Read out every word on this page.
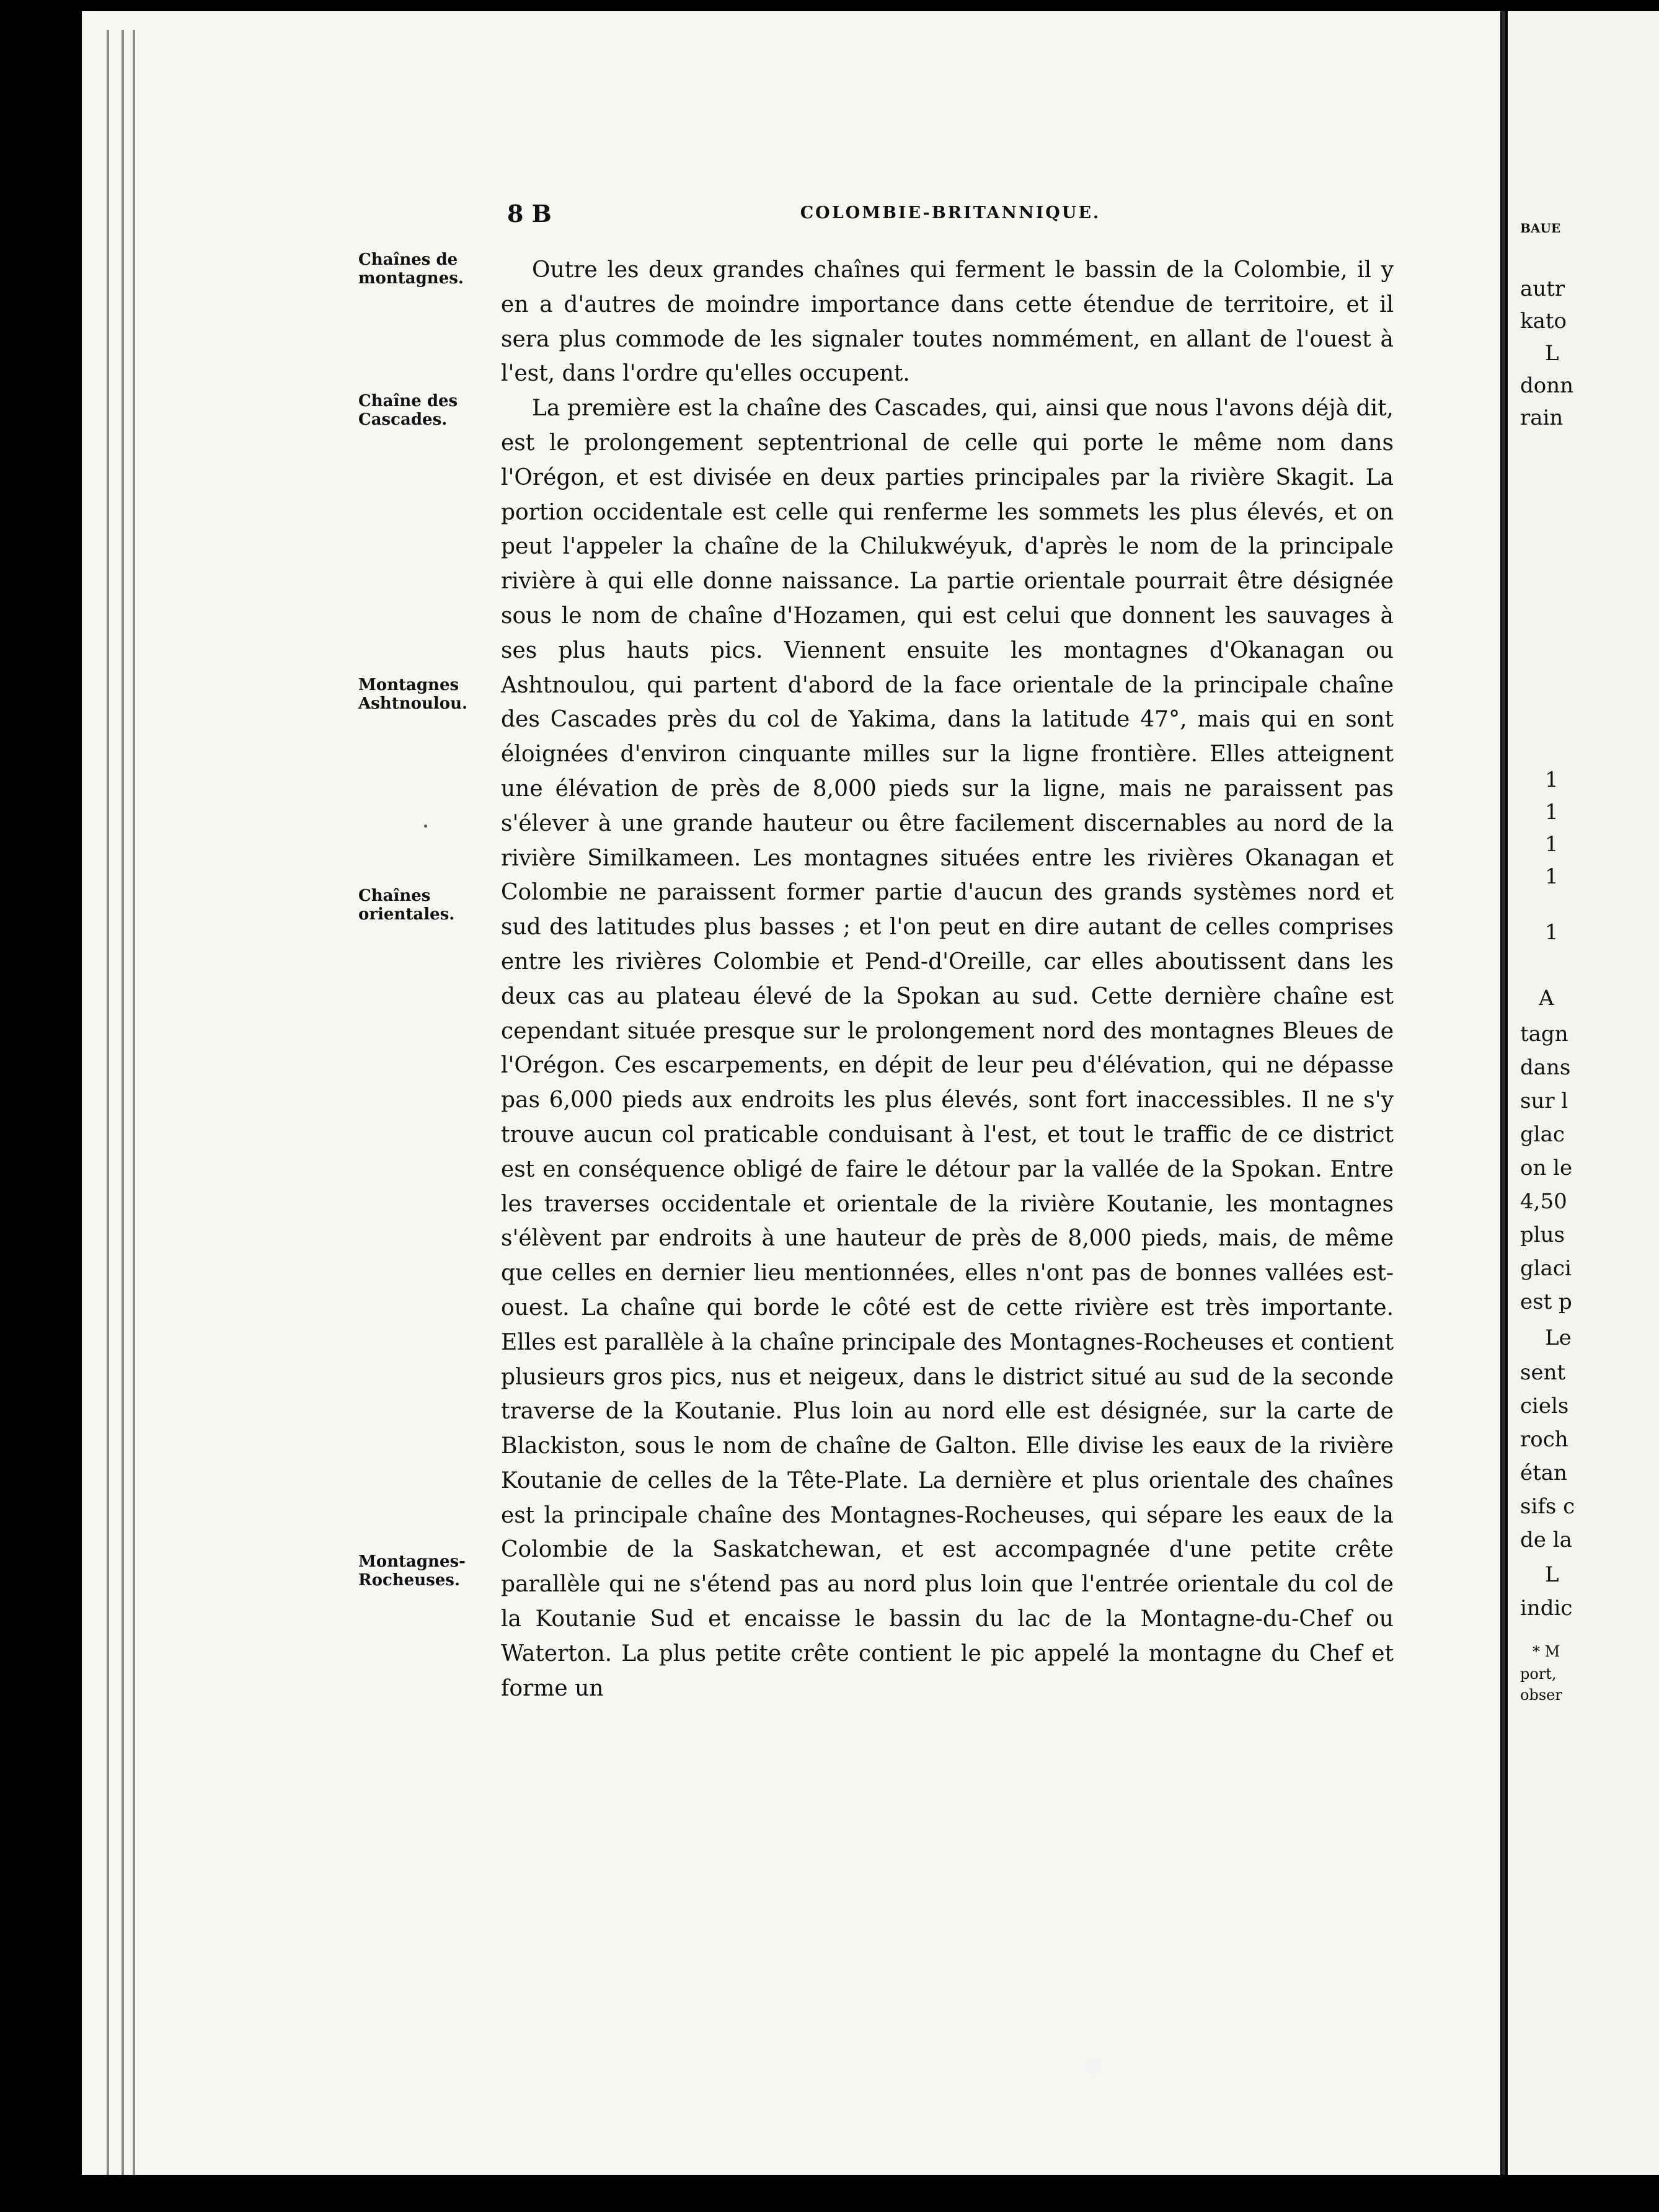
8 B	COLOMBIE-BRITANNIQUE.
Chaînes de montagnes.
Chaîne des Cascades.
Montagnes Ashtnoulou.
Chaînes orientales.
Montagnes-Rocheuses.

Outre les deux grandes chaînes qui ferment le bassin de la Colombie, il y en a d'autres de moindre importance dans cette étendue de territoire, et il sera plus commode de les signaler toutes nommément, en allant de l'ouest à l'est, dans l'ordre qu'elles occupent.

La première est la chaîne des Cascades, qui, ainsi que nous l'avons déjà dit, est le prolongement septentrional de celle qui porte le même nom dans l'Orégon, et est divisée en deux parties principales par la rivière Skagit. La portion occidentale est celle qui renferme les sommets les plus élevés, et on peut l'appeler la chaîne de la Chilukwéyuk, d'après le nom de la principale rivière à qui elle donne naissance. La partie orientale pourrait être désignée sous le nom de chaîne d'Hozamen, qui est celui que donnent les sauvages à ses plus hauts pics. Viennent ensuite les montagnes d'Okanagan ou Ashtnoulou, qui partent d'abord de la face orientale de la principale chaîne des Cascades près du col de Yakima, dans la latitude 47°, mais qui en sont éloignées d'environ cinquante milles sur la ligne frontière. Elles atteignent une élévation de près de 8,000 pieds sur la ligne, mais ne paraissent pas s'élever à une grande hauteur ou être facilement discernables au nord de la rivière Similkameen. Les montagnes situées entre les rivières Okanagan et Colombie ne paraissent former partie d'aucun des grands systèmes nord et sud des latitudes plus basses ; et l'on peut en dire autant de celles comprises entre les rivières Colombie et Pend-d'Oreille, car elles aboutissent dans les deux cas au plateau élevé de la Spokan au sud. Cette dernière chaîne est cependant située presque sur le prolongement nord des montagnes Bleues de l'Orégon. Ces escarpements, en dépit de leur peu d'élévation, qui ne dépasse pas 6,000 pieds aux endroits les plus élevés, sont fort inaccessibles. Il ne s'y trouve aucun col praticable conduisant à l'est, et tout le traffic de ce district est en conséquence obligé de faire le détour par la vallée de la Spokan. Entre les traverses occidentale et orientale de la rivière Koutanie, les montagnes s'élèvent par endroits à une hauteur de près de 8,000 pieds, mais, de même que celles en dernier lieu mentionnées, elles n'ont pas de bonnes vallées est-ouest. La chaîne qui borde le côté est de cette rivière est très importante. Elles est parallèle à la chaîne principale des Montagnes-Rocheuses et contient plusieurs gros pics, nus et neigeux, dans le district situé au sud de la seconde traverse de la Koutanie. Plus loin au nord elle est désignée, sur la carte de Blackiston, sous le nom de chaîne de Galton. Elle divise les eaux de la rivière Koutanie de celles de la Tête-Plate. La dernière et plus orientale des chaînes est la principale chaîne des Montagnes-Rocheuses, qui sépare les eaux de la Colombie de la Saskatchewan, et est accompagnée d'une petite crête parallèle qui ne s'étend pas au nord plus loin que l'entrée orientale du col de la Koutanie Sud et encaisse le bassin du lac de la Montagne-du-Chef ou Waterton. La plus petite crête contient le pic appelé la montagne du Chef et forme un

BAUE
autr
kato
L
donn
rain
1
1
1
1
1
A
tagn
dans
sur l
glac
on le
4,50
plus
glaci
est p
Le
sent
ciels
roch
étan
sifs c
de la
L
indic
* M
port,
obser
